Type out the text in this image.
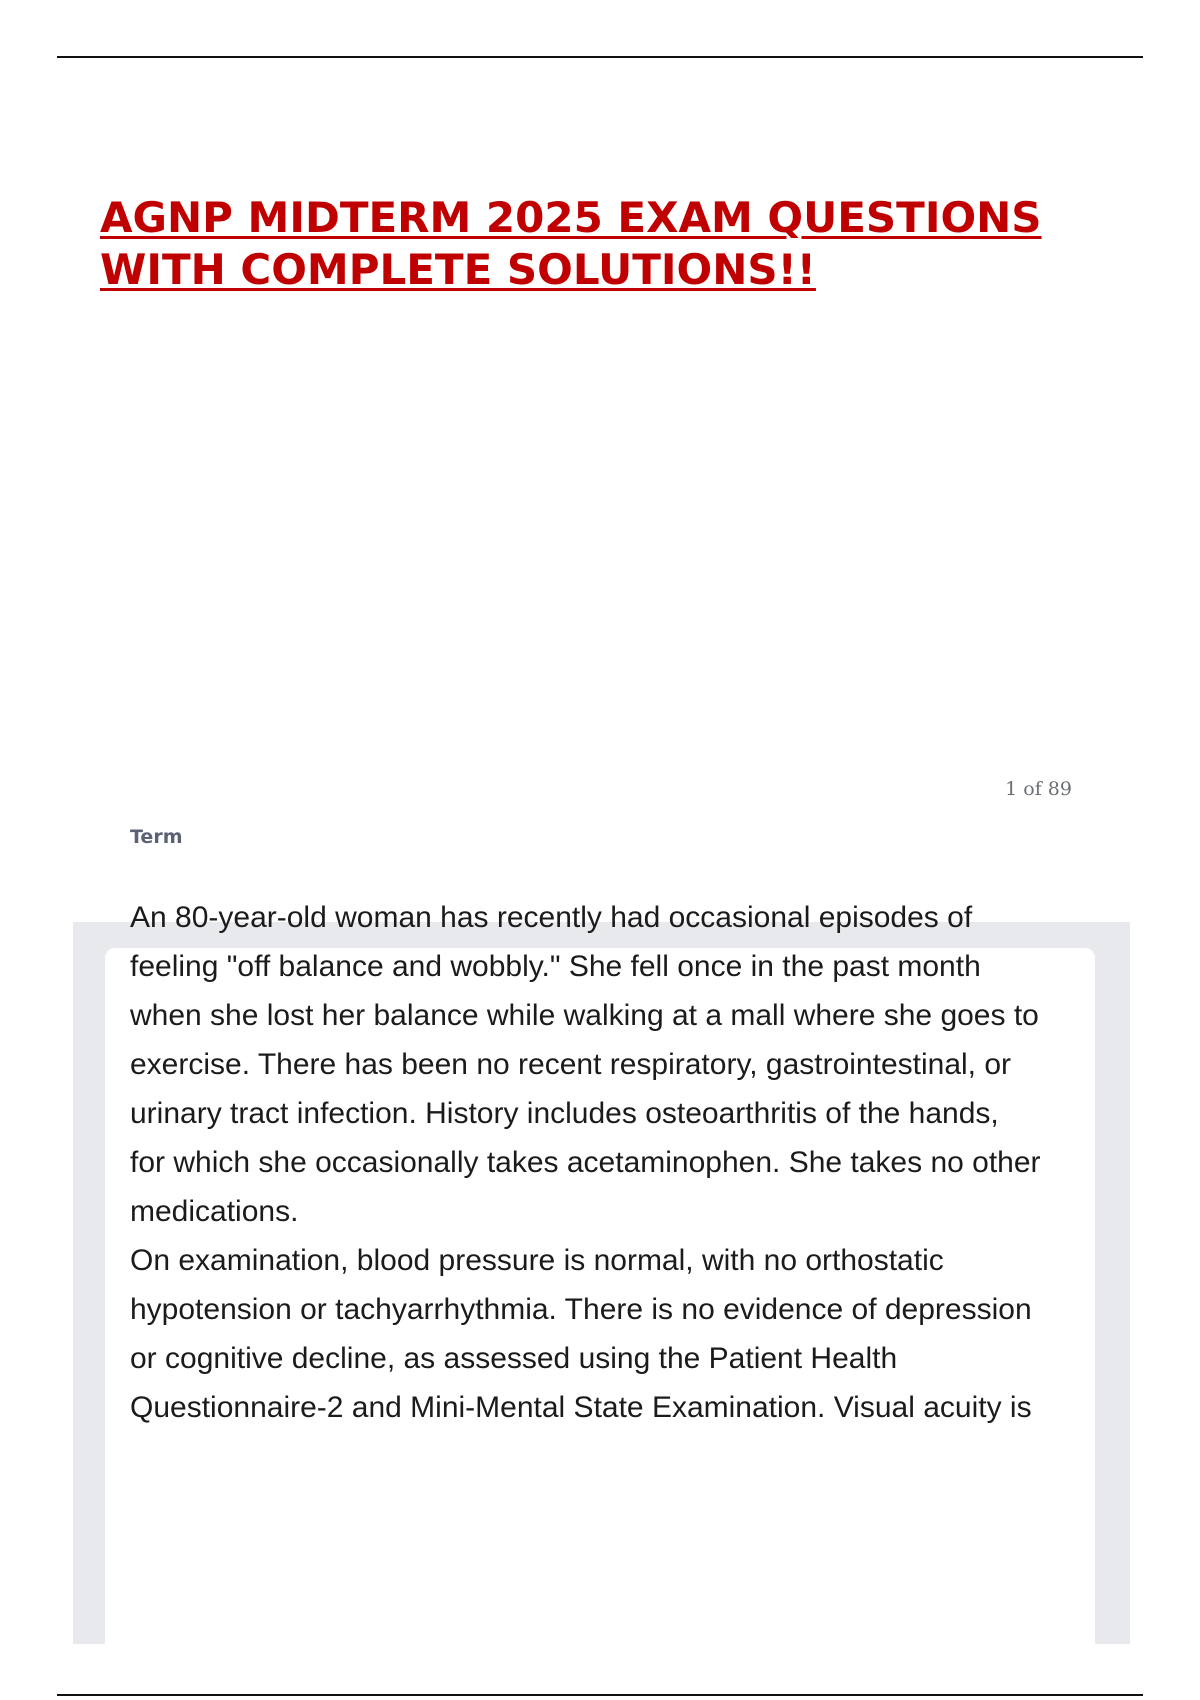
AGNP MIDTERM 2025 EXAM QUESTIONS
WITH COMPLETE SOLUTIONS!!
1 of 89
Term
An 80-year-old woman has recently had occasional episodes of
feeling "off balance and wobbly." She fell once in the past month
when she lost her balance while walking at a mall where she goes to
exercise. There has been no recent respiratory, gastrointestinal, or
urinary tract infection. History includes osteoarthritis of the hands,
for which she occasionally takes acetaminophen. She takes no other
medications.
On examination, blood pressure is normal, with no orthostatic
hypotension or tachyarrhythmia. There is no evidence of depression
or cognitive decline, as assessed using the Patient Health
Questionnaire-2 and Mini-Mental State Examination. Visual acuity is
